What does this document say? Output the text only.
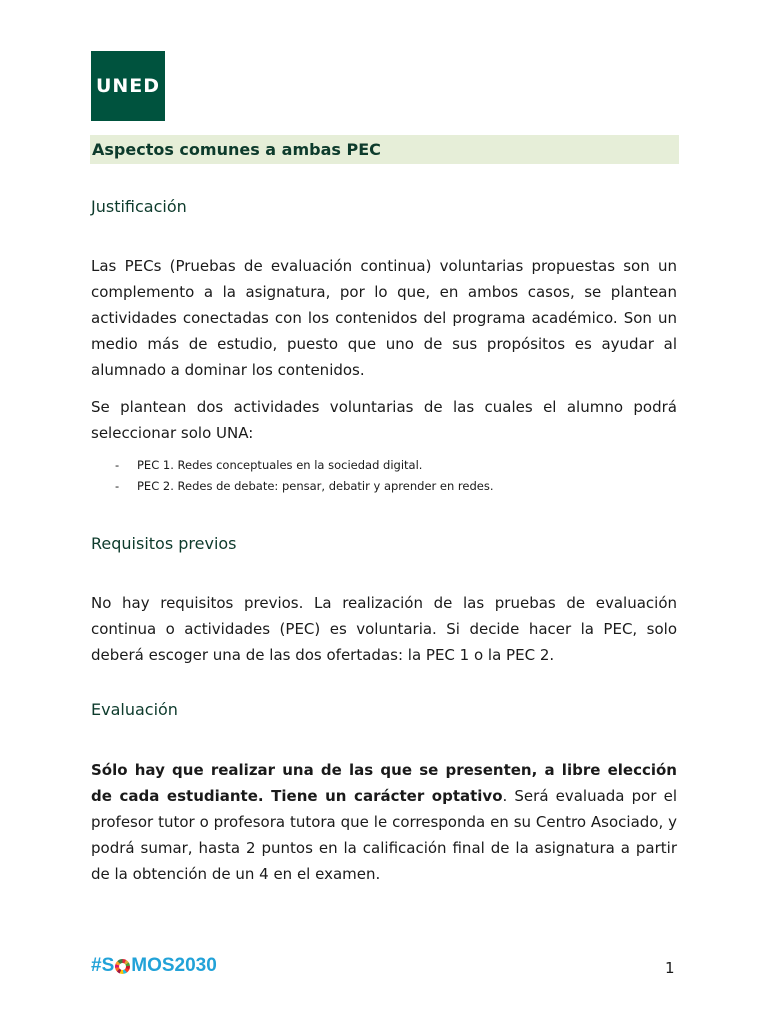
UNED
Aspectos comunes a ambas PEC
Justificación

Las PECs (Pruebas de evaluación continua) voluntarias propuestas son un complemento a la asignatura, por lo que, en ambos casos, se plantean actividades conectadas con los contenidos del programa académico. Son un medio más de estudio, puesto que uno de sus propósitos es ayudar al alumnado a dominar los contenidos.

Se plantean dos actividades voluntarias de las cuales el alumno podrá seleccionar solo UNA:

- PEC 1. Redes conceptuales en la sociedad digital.
- PEC 2. Redes de debate: pensar, debatir y aprender en redes.
Requisitos previos

No hay requisitos previos. La realización de las pruebas de evaluación continua o actividades (PEC) es voluntaria. Si decide hacer la PEC, solo deberá escoger una de las dos ofertadas: la PEC 1 o la PEC 2.

Evaluación

Sólo hay que realizar una de las que se presenten, a libre elección de cada estudiante. Tiene un carácter optativo. Será evaluada por el profesor tutor o profesora tutora que le corresponda en su Centro Asociado, y podrá sumar, hasta 2 puntos en la calificación final de la asignatura a partir de la obtención de un 4 en el examen.

#S MOS2030	1
